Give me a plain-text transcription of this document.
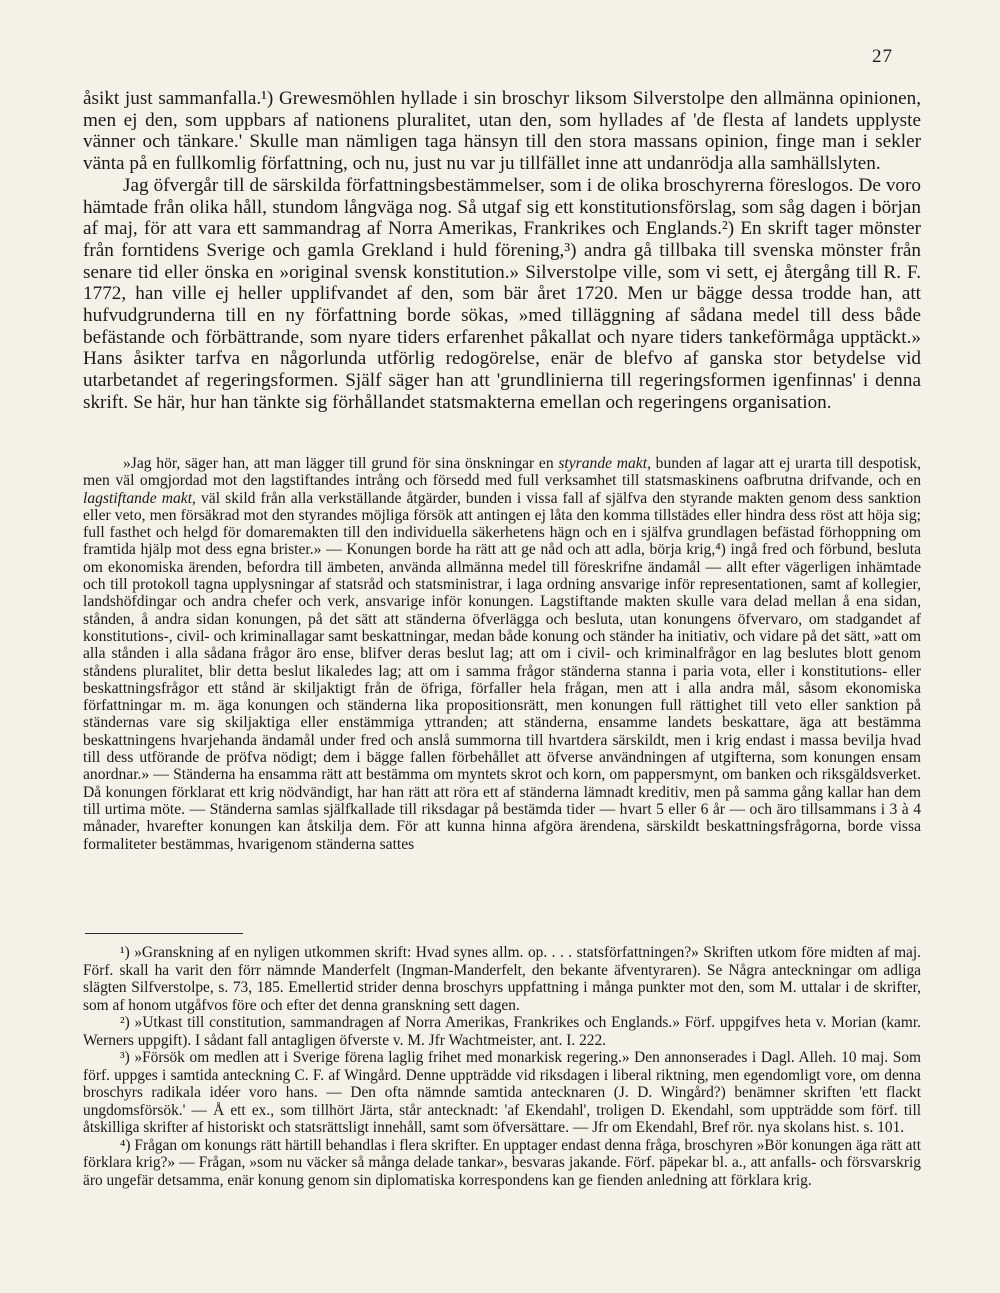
27

åsikt just sammanfalla.¹) Grewesmöhlen hyllade i sin broschyr liksom Silverstolpe den allmänna opinionen, men ej den, som uppbars af nationens pluralitet, utan den, som hyllades af 'de flesta af landets upplyste vänner och tänkare.' Skulle man nämligen taga hänsyn till den stora massans opinion, finge man i sekler vänta på en fullkomlig författning, och nu, just nu var ju tillfället inne att undanrödja alla samhällslyten.

Jag öfvergår till de särskilda författningsbestämmelser, som i de olika broschyrerna föreslogos. De voro hämtade från olika håll, stundom långväga nog. Så utgaf sig ett konstitutionsförslag, som såg dagen i början af maj, för att vara ett sammandrag af Norra Amerikas, Frankrikes och Englands.²) En skrift tager mönster från forntidens Sverige och gamla Grekland i huld förening,³) andra gå tillbaka till svenska mönster från senare tid eller önska en »original svensk konstitution.» Silverstolpe ville, som vi sett, ej återgång till R. F. 1772, han ville ej heller upplifvandet af den, som bär året 1720. Men ur bägge dessa trodde han, att hufvudgrunderna till en ny författning borde sökas, »med tilläggning af sådana medel till dess både befästande och förbättrande, som nyare tiders erfarenhet påkallat och nyare tiders tankeförmåga upptäckt.» Hans åsikter tarfva en någorlunda utförlig redogörelse, enär de blefvo af ganska stor betydelse vid utarbetandet af regeringsformen. Själf säger han att 'grundlinierna till regeringsformen igenfinnas' i denna skrift. Se här, hur han tänkte sig förhållandet statsmakterna emellan och regeringens organisation.

»Jag hör, säger han, att man lägger till grund för sina önskningar en styrande makt, bunden af lagar att ej urarta till despotisk, men väl omgjordad mot den lagstiftandes intrång och försedd med full verksamhet till statsmaskinens oafbrutna drifvande, och en lagstiftande makt, väl skild från alla verkställande åtgärder, bunden i vissa fall af själfva den styrande makten genom dess sanktion eller veto, men försäkrad mot den styrandes möjliga försök att antingen ej låta den komma tillstädes eller hindra dess röst att höja sig; full fasthet och helgd för domaremakten till den individuella säkerhetens hägn och en i själfva grundlagen befästad förhoppning om framtida hjälp mot dess egna brister.» — Konungen borde ha rätt att ge nåd och att adla, börja krig,⁴) ingå fred och förbund, besluta om ekonomiska ärenden, befordra till ämbeten, använda allmänna medel till föreskrifne ändamål — allt efter vägerligen inhämtade och till protokoll tagna upplysningar af statsråd och statsministrar, i laga ordning ansvarige inför representationen, samt af kollegier, landshöfdingar och andra chefer och verk, ansvarige inför konungen. Lagstiftande makten skulle vara delad mellan å ena sidan, stånden, å andra sidan konungen, på det sätt att ständerna öfverlägga och besluta, utan konungens öfvervaro, om stadgandet af konstitutions-, civil- och kriminallagar samt beskattningar, medan både konung och ständer ha initiativ, och vidare på det sätt, »att om alla stånden i alla sådana frågor äro ense, blifver deras beslut lag; att om i civil- och kriminalfrågor en lag beslutes blott genom ståndens pluralitet, blir detta beslut likaledes lag; att om i samma frågor ständerna stanna i paria vota, eller i konstitutions- eller beskattningsfrågor ett stånd är skiljaktigt från de öfriga, förfaller hela frågan, men att i alla andra mål, såsom ekonomiska författningar m. m. äga konungen och ständerna lika propositionsrätt, men konungen full rättighet till veto eller sanktion på ständernas vare sig skiljaktiga eller enstämmiga yttranden; att ständerna, ensamme landets beskattare, äga att bestämma beskattningens hvarjehanda ändamål under fred och anslå summorna till hvartdera särskildt, men i krig endast i massa bevilja hvad till dess utförande de pröfva nödigt; dem i bägge fallen förbehållet att öfverse användningen af utgifterna, som konungen ensam anordnar.» — Ständerna ha ensamma rätt att bestämma om myntets skrot och korn, om pappersmynt, om banken och riksgäldsverket. Då konungen förklarat ett krig nödvändigt, har han rätt att röra ett af ständerna lämnadt kreditiv, men på samma gång kallar han dem till urtima möte. — Ständerna samlas själfkallade till riksdagar på bestämda tider — hvart 5 eller 6 år — och äro tillsammans i 3 à 4 månader, hvarefter konungen kan åtskilja dem. För att kunna hinna afgöra ärendena, särskildt beskattningsfrågorna, borde vissa formaliteter bestämmas, hvarigenom ständerna sattes

¹) »Granskning af en nyligen utkommen skrift: Hvad synes allm. op. . . . statsförfattningen?» Skriften utkom före midten af maj. Förf. skall ha varit den förr nämnde Manderfelt (Ingman-Manderfelt, den bekante äfventyraren). Se Några anteckningar om adliga slägten Silfverstolpe, s. 73, 185. Emellertid strider denna broschyrs uppfattning i många punkter mot den, som M. uttalar i de skrifter, som af honom utgåfvos före och efter det denna granskning sett dagen.

²) »Utkast till constitution, sammandragen af Norra Amerikas, Frankrikes och Englands.» Förf. uppgifves heta v. Morian (kamr. Werners uppgift). I sådant fall antagligen öfverste v. M. Jfr Wachtmeister, ant. I. 222.

³) »Försök om medlen att i Sverige förena laglig frihet med monarkisk regering.» Den annonserades i Dagl. Alleh. 10 maj. Som förf. uppges i samtida anteckning C. F. af Wingård. Denne uppträdde vid riksdagen i liberal riktning, men egendomligt vore, om denna broschyrs radikala idéer voro hans. — Den ofta nämnde samtida antecknaren (J. D. Wingård?) benämner skriften 'ett flackt ungdomsförsök.' — Å ett ex., som tillhört Järta, står antecknadt: 'af Ekendahl', troligen D. Ekendahl, som uppträdde som förf. till åtskilliga skrifter af historiskt och statsrättsligt innehåll, samt som öfversättare. — Jfr om Ekendahl, Bref rör. nya skolans hist. s. 101.

⁴) Frågan om konungs rätt härtill behandlas i flera skrifter. En upptager endast denna fråga, broschyren »Bör konungen äga rätt att förklara krig?» — Frågan, »som nu väcker så många delade tankar», besvaras jakande. Förf. päpekar bl. a., att anfalls- och försvarskrig äro ungefär detsamma, enär konung genom sin diplomatiska korrespondens kan ge fienden anledning att förklara krig.
